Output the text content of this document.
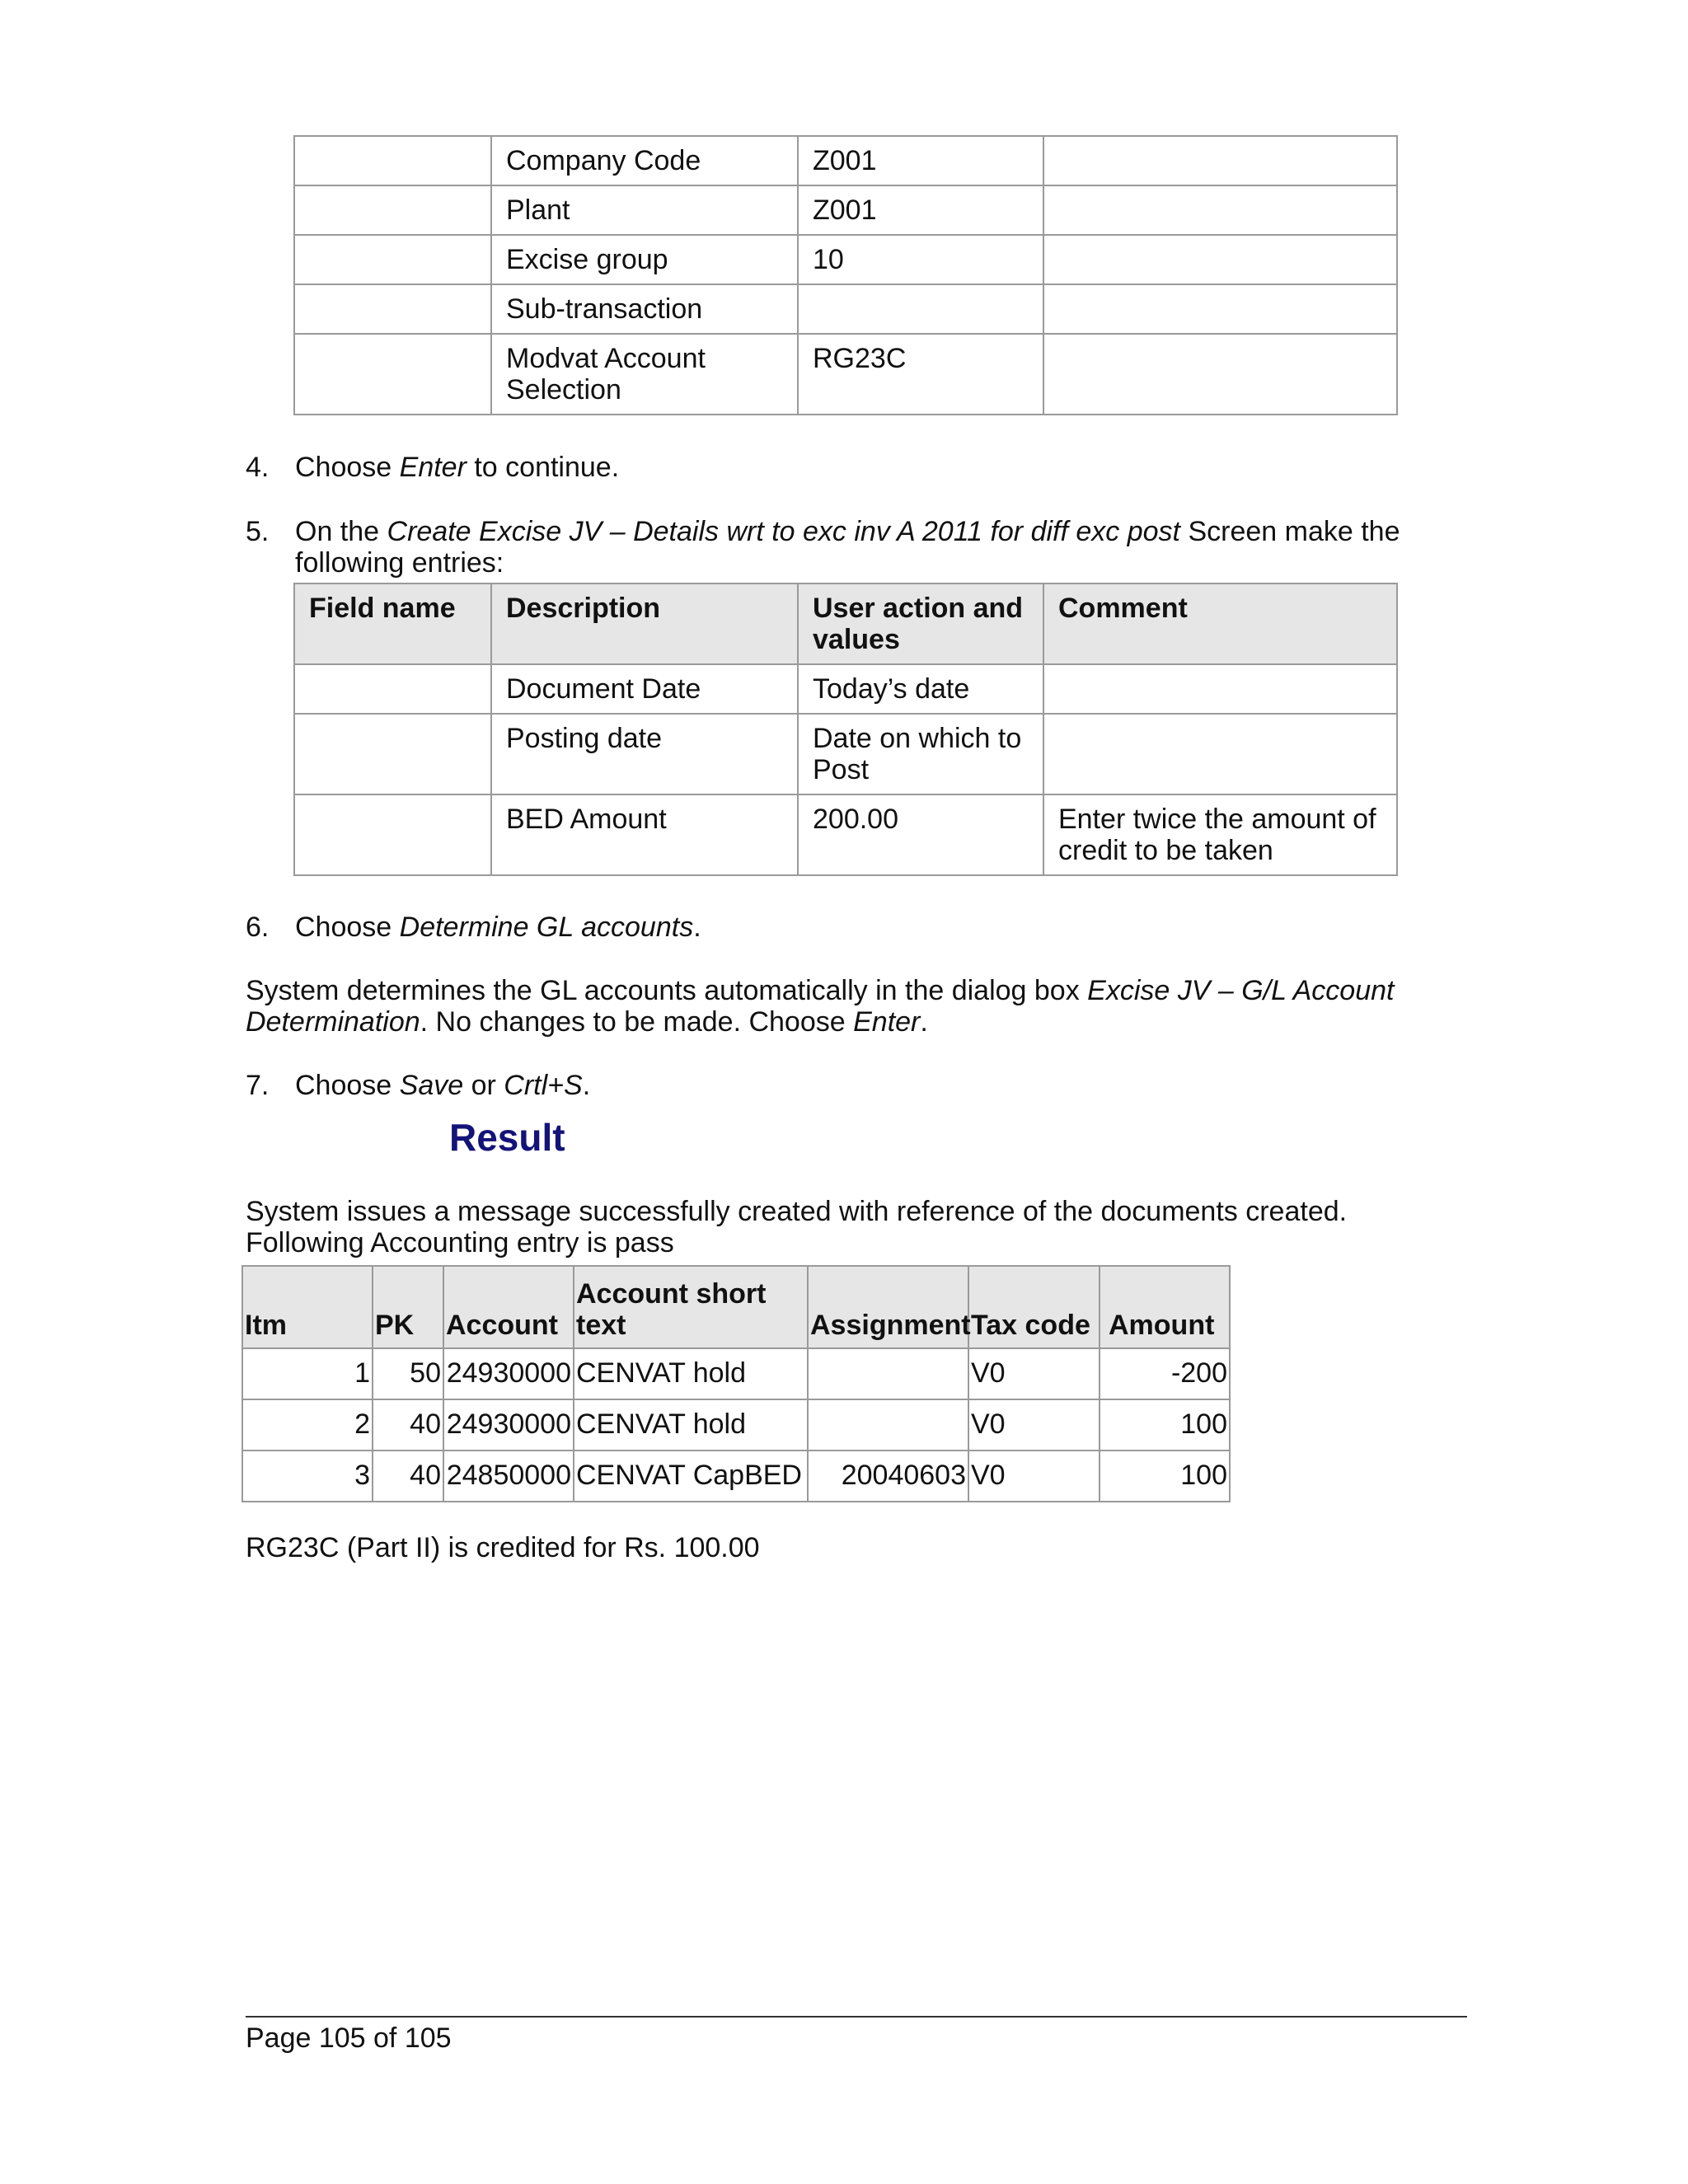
	Company Code	Z001	
	Plant	Z001	
	Excise group	10	
	Sub-transaction		
	Modvat Account Selection	RG23C	
4. Choose Enter to continue.
5. On the Create Excise JV – Details wrt to exc inv A 2011 for diff exc post Screen make the following entries:
Field name	Description	User action and values	Comment
	Document Date	Today’s date	
	Posting date	Date on which to Post	
	BED Amount	200.00	Enter twice the amount of credit to be taken
6. Choose Determine GL accounts.
System determines the GL accounts automatically in the dialog box Excise JV – G/L Account Determination. No changes to be made. Choose Enter.
7. Choose Save or Crtl+S.
Result
System issues a message successfully created with reference of the documents created.
Following Accounting entry is pass
Itm	PK	Account	Account short text	Assignment	Tax code	Amount
1	50	24930000	CENVAT hold		V0	-200
2	40	24930000	CENVAT hold		V0	100
3	40	24850000	CENVAT CapBED	20040603	V0	100
RG23C (Part II) is credited for Rs. 100.00
Page 105 of 105
